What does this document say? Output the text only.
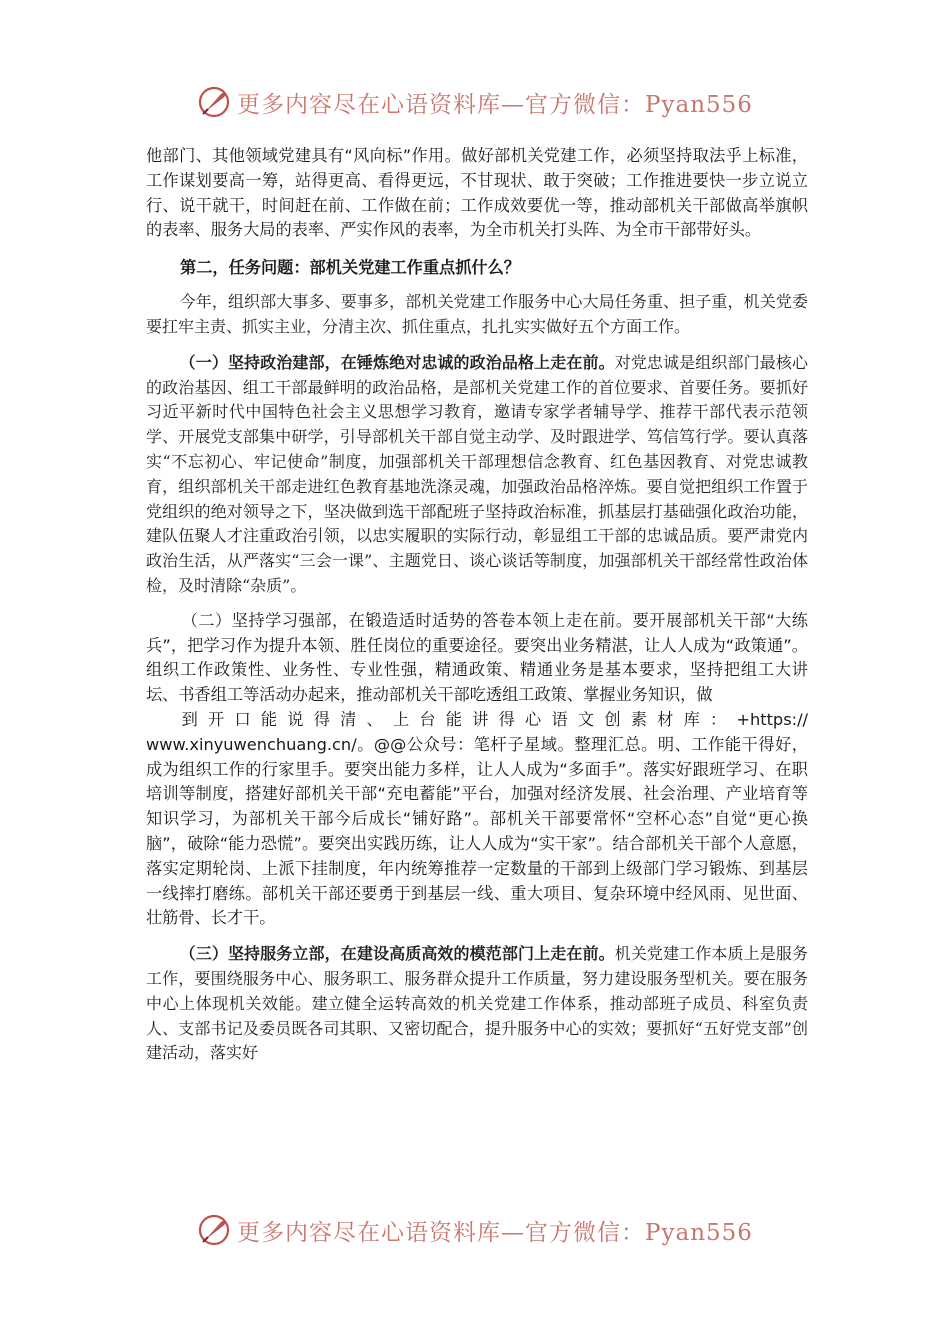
更多内容尽在心语资料库—官方微信：Pyan556

他部门、其他领域党建具有“风向标”作用。做好部机关党建工作，必须坚持取法乎上标准，工作谋划要高一筹，站得更高、看得更远，不甘现状、敢于突破；工作推进要快一步立说立行、说干就干，时间赶在前、工作做在前；工作成效要优一等，推动部机关干部做高举旗帜的表率、服务大局的表率、严实作风的表率，为全市机关打头阵、为全市干部带好头。

第二，任务问题：部机关党建工作重点抓什么？

今年，组织部大事多、要事多，部机关党建工作服务中心大局任务重、担子重，机关党委要扛牢主责、抓实主业，分清主次、抓住重点，扎扎实实做好五个方面工作。

（一）坚持政治建部，在锤炼绝对忠诚的政治品格上走在前。对党忠诚是组织部门最核心的政治基因、组工干部最鲜明的政治品格，是部机关党建工作的首位要求、首要任务。要抓好习近平新时代中国特色社会主义思想学习教育，邀请专家学者辅导学、推荐干部代表示范领学、开展党支部集中研学，引导部机关干部自觉主动学、及时跟进学、笃信笃行学。要认真落实“不忘初心、牢记使命”制度，加强部机关干部理想信念教育、红色基因教育、对党忠诚教育，组织部机关干部走进红色教育基地洗涤灵魂，加强政治品格淬炼。要自觉把组织工作置于党组织的绝对领导之下，坚决做到选干部配班子坚持政治标准，抓基层打基础强化政治功能，建队伍聚人才注重政治引领，以忠实履职的实际行动，彰显组工干部的忠诚品质。要严肃党内政治生活，从严落实“三会一课”、主题党日、谈心谈话等制度，加强部机关干部经常性政治体检，及时清除“杂质”。

（二）坚持学习强部，在锻造适时适势的答卷本领上走在前。要开展部机关干部“大练兵”，把学习作为提升本领、胜任岗位的重要途径。要突出业务精湛，让人人成为“政策通”。组织工作政策性、业务性、专业性强，精通政策、精通业务是基本要求，坚持把组工大讲坛、书香组工等活动办起来，推动部机关干部吃透组工政策、掌握业务知识，做
到开口能说得清、上台能讲得心语文创素材库：+https://
www.xinyuwenchuang.cn/。@@公众号：笔杆子星域。整理汇总。明、工作能干得好，成为组织工作的行家里手。要突出能力多样，让人人成为“多面手”。落实好跟班学习、在职培训等制度，搭建好部机关干部“充电蓄能”平台，加强对经济发展、社会治理、产业培育等知识学习，为部机关干部今后成长“铺好路”。部机关干部要常怀“空杯心态”自觉“更心换脑”，破除“能力恐慌”。要突出实践历练，让人人成为“实干家”。结合部机关干部个人意愿，落实定期轮岗、上派下挂制度，年内统筹推荐一定数量的干部到上级部门学习锻炼、到基层一线摔打磨练。部机关干部还要勇于到基层一线、重大项目、复杂环境中经风雨、见世面、壮筋骨、长才干。

（三）坚持服务立部，在建设高质高效的模范部门上走在前。机关党建工作本质上是服务工作，要围绕服务中心、服务职工、服务群众提升工作质量，努力建设服务型机关。要在服务中心上体现机关效能。建立健全运转高效的机关党建工作体系，推动部班子成员、科室负责人、支部书记及委员既各司其职、又密切配合，提升服务中心的实效；要抓好“五好党支部”创建活动，落实好

更多内容尽在心语资料库—官方微信：Pyan556
